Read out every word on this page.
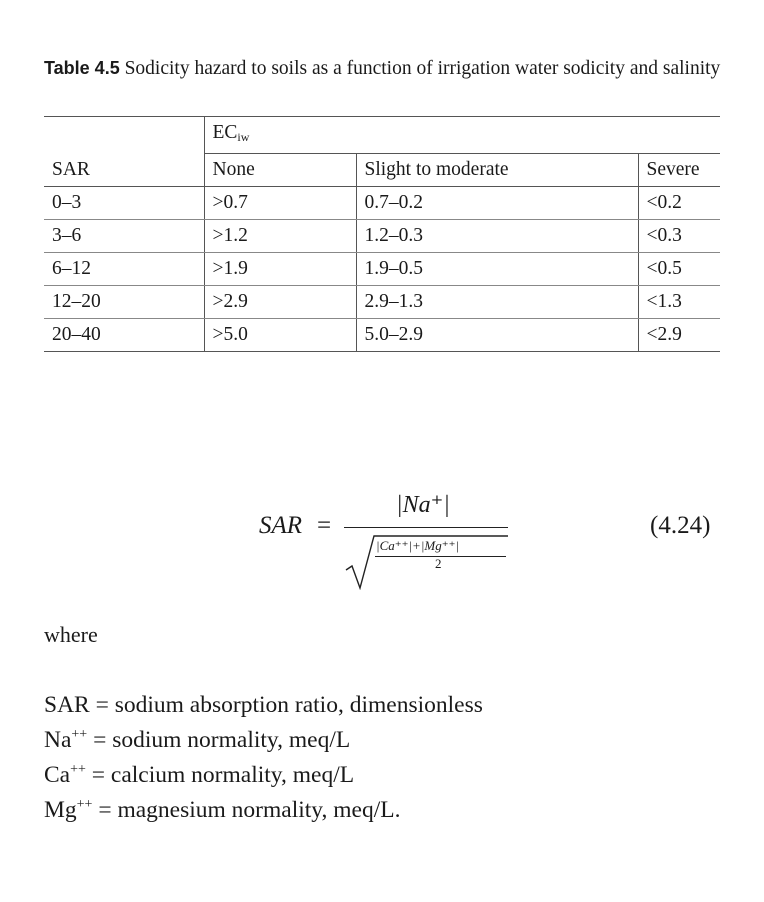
Table 4.5 Sodicity hazard to soils as a function of irrigation water sodicity and salinity
	$EC_{iw}$
SAR	None	Slight to moderate	Severe
0–3	>0.7	0.7–0.2	<0.2
3–6	>1.2	1.2–0.3	<0.3
6–12	>1.9	1.9–0.5	<0.5
12–20	>2.9	2.9–1.3	<1.3
20–40	>5.0	5.0–2.9	<2.9
SAR =
|Na⁺|
|Ca⁺⁺|+|Mg⁺⁺|
2
(4.24)
where
SAR = sodium absorption ratio, dimensionless
Na++ = sodium normality, meq/L
Ca++ = calcium normality, meq/L
Mg++ = magnesium normality, meq/L.
